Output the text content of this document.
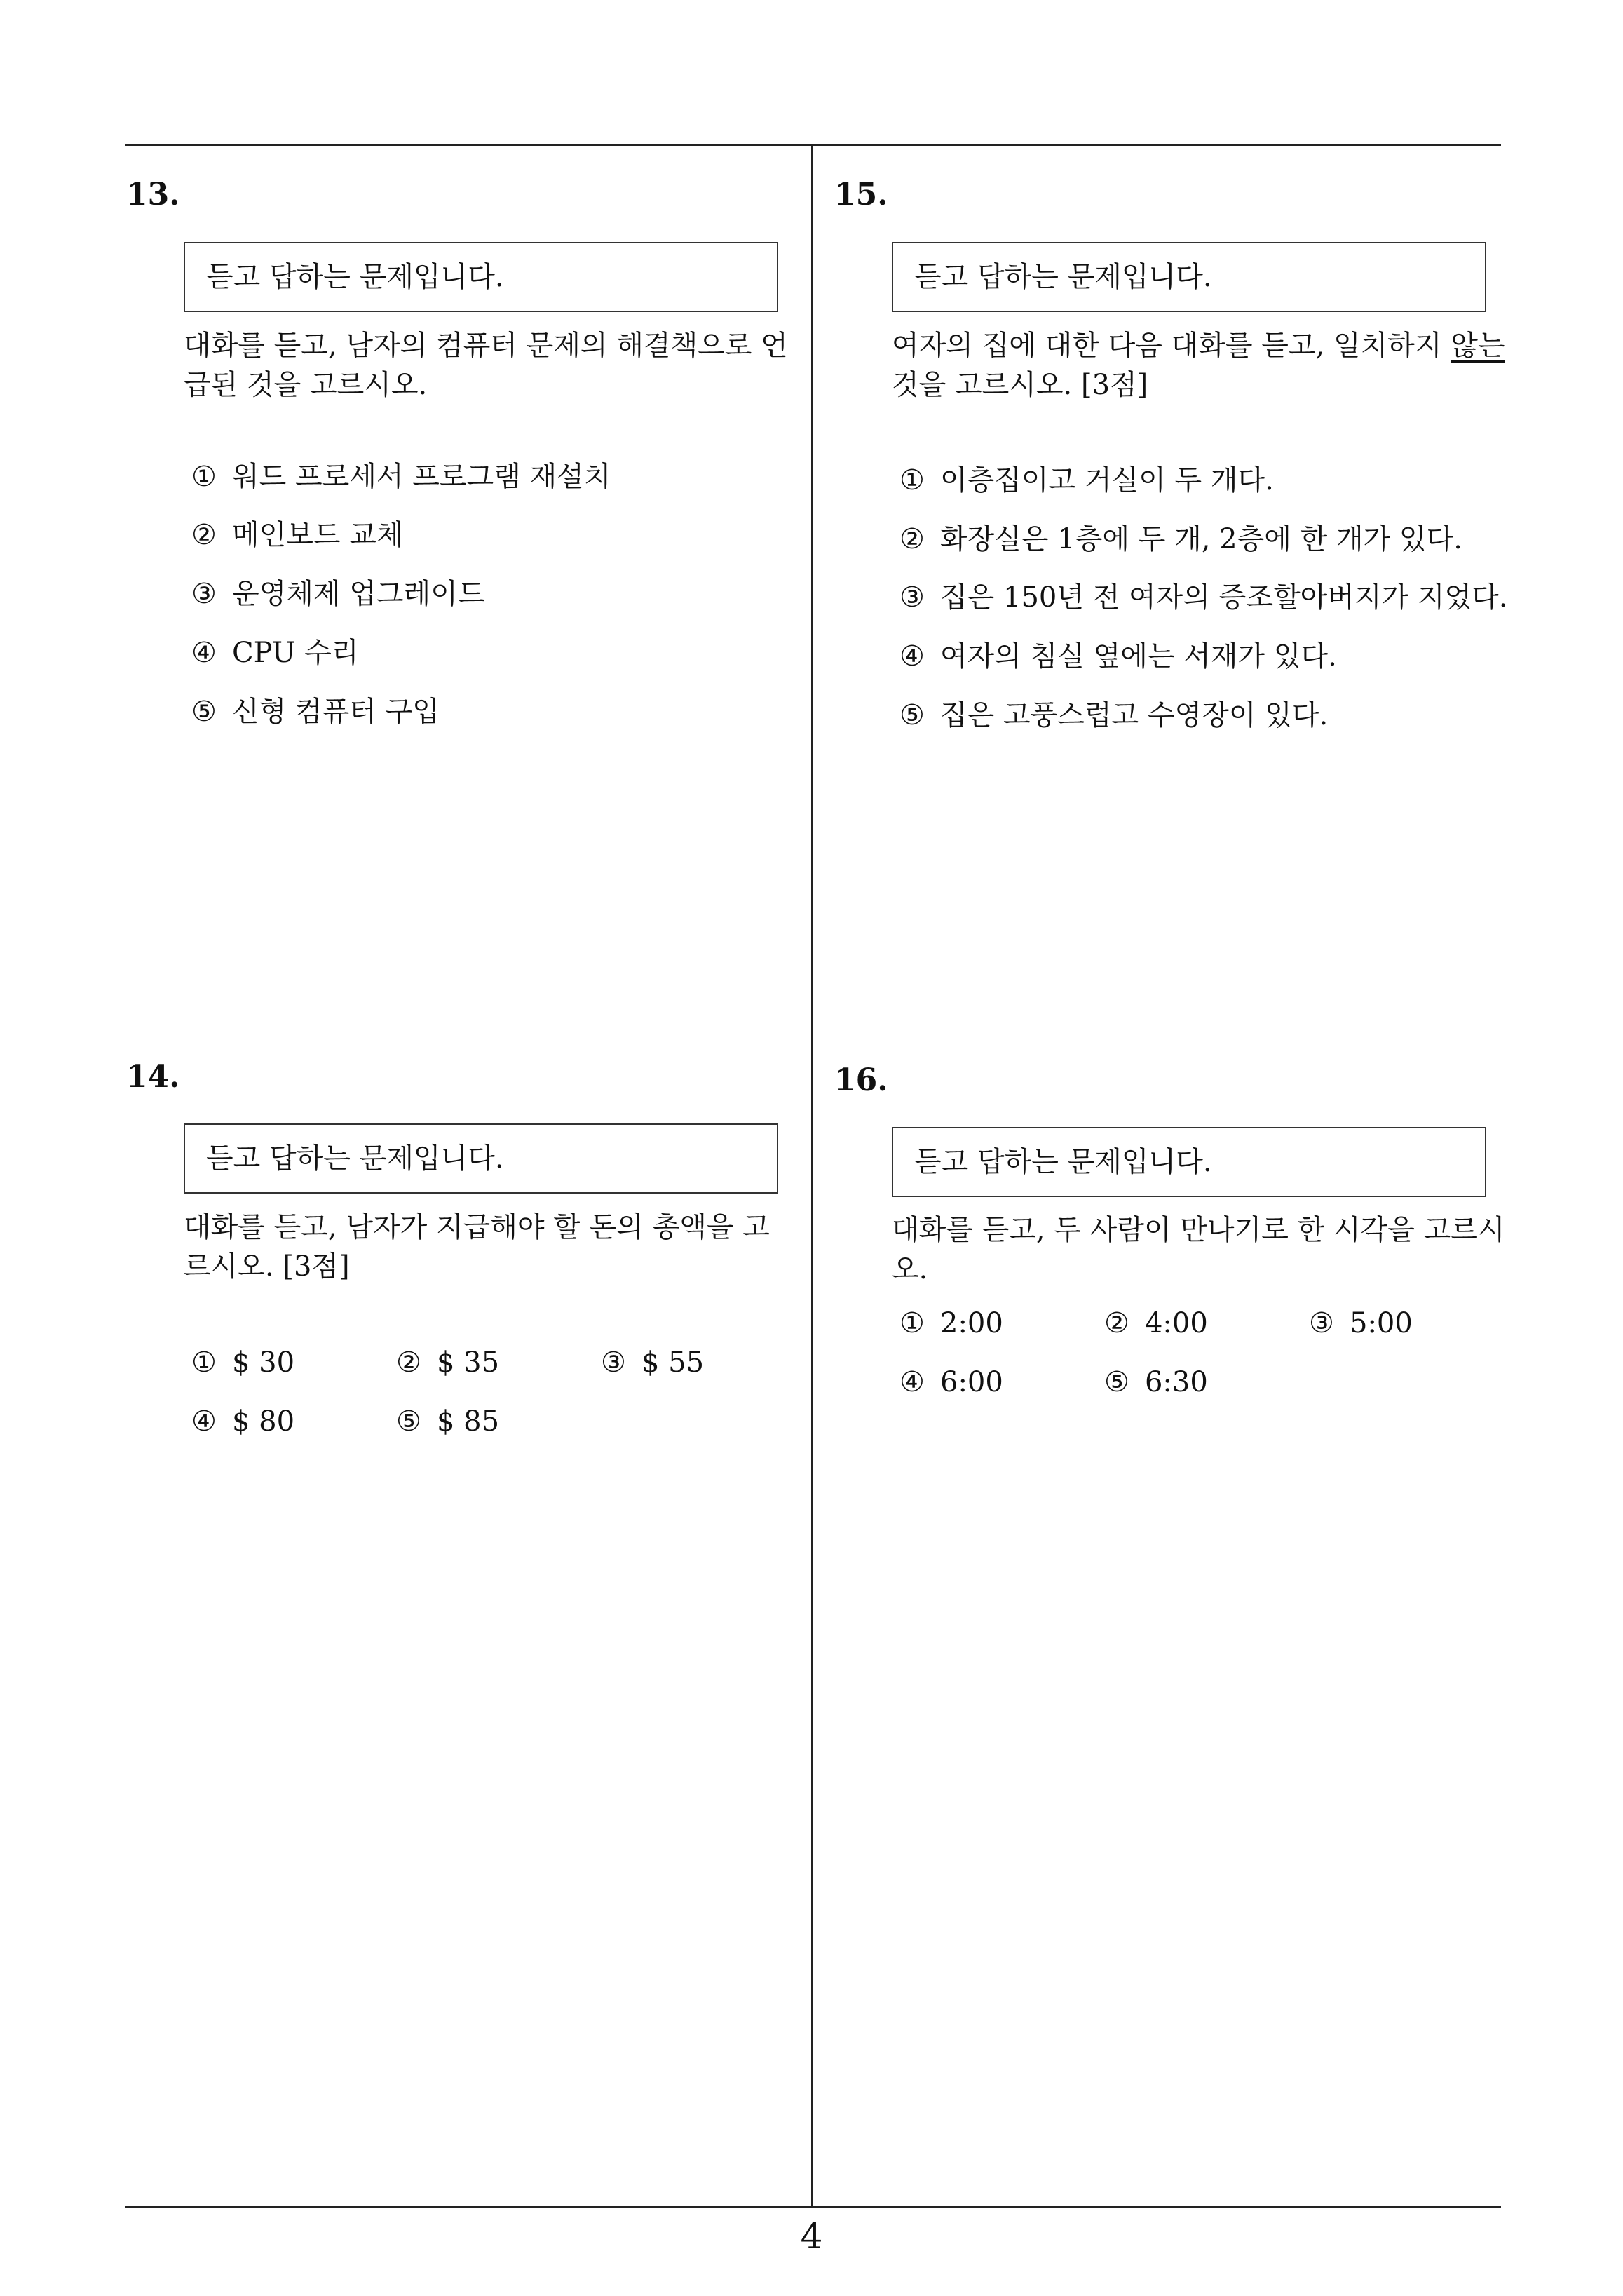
13.
듣고 답하는 문제입니다.
대화를 듣고, 남자의 컴퓨터 문제의 해결책으로 언급된 것을 고르시오.
① 워드 프로세서 프로그램 재설치
② 메인보드 교체
③ 운영체제 업그레이드
④ CPU 수리
⑤ 신형 컴퓨터 구입
14.
듣고 답하는 문제입니다.
대화를 듣고, 남자가 지급해야 할 돈의 총액을 고르시오. [3점]
① $ 30	② $ 35	③ $ 55
④ $ 80	⑤ $ 85
15.
듣고 답하는 문제입니다.
여자의 집에 대한 다음 대화를 듣고, 일치하지 않는 것을 고르시오. [3점]
① 이층집이고 거실이 두 개다.
② 화장실은 1층에 두 개, 2층에 한 개가 있다.
③ 집은 150년 전 여자의 증조할아버지가 지었다.
④ 여자의 침실 옆에는 서재가 있다.
⑤ 집은 고풍스럽고 수영장이 있다.
16.
듣고 답하는 문제입니다.
대화를 듣고, 두 사람이 만나기로 한 시각을 고르시오.
① 2:00	② 4:00	③ 5:00
④ 6:00	⑤ 6:30
4
